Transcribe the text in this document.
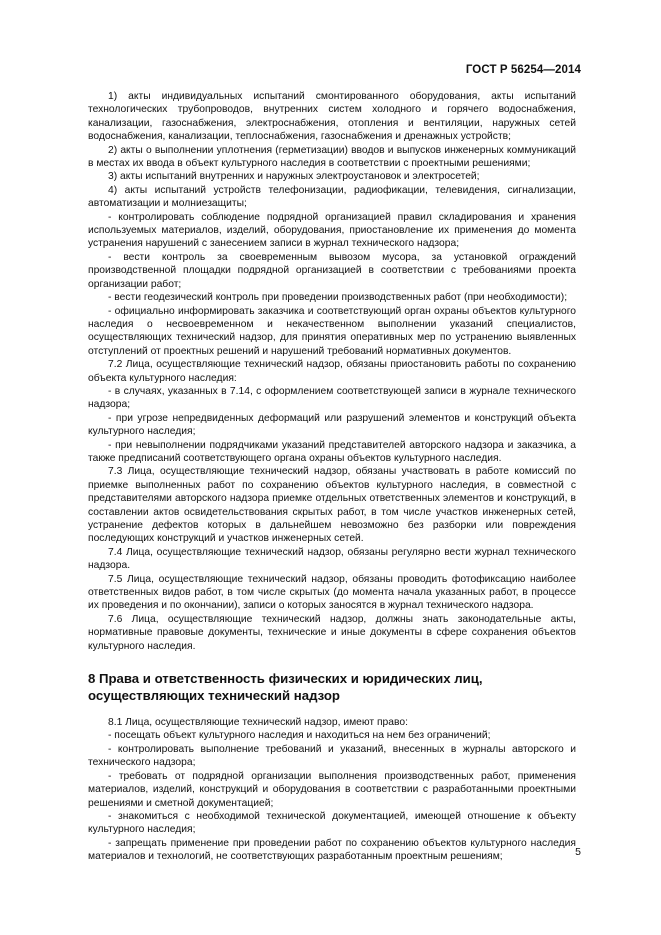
ГОСТ Р 56254—2014

1) акты индивидуальных испытаний смонтированного оборудования, акты испытаний технологических трубопроводов, внутренних систем холодного и горячего водоснабжения, канализации, газоснабжения, электроснабжения, отопления и вентиляции, наружных сетей водоснабжения, канализации, теплоснабжения, газоснабжения и дренажных устройств;

2) акты о выполнении уплотнения (герметизации) вводов и выпусков инженерных коммуникаций в местах их ввода в объект культурного наследия в соответствии с проектными решениями;

3) акты испытаний внутренних и наружных электроустановок и электросетей;

4) акты испытаний устройств телефонизации, радиофикации, телевидения, сигнализации, автоматизации и молниезащиты;

- контролировать соблюдение подрядной организацией правил складирования и хранения используемых материалов, изделий, оборудования, приостановление их применения до момента устранения нарушений с занесением записи в журнал технического надзора;

- вести контроль за своевременным вывозом мусора, за установкой ограждений производственной площадки подрядной организацией в соответствии с требованиями проекта организации работ;

- вести геодезический контроль при проведении производственных работ (при необходимости);

- официально информировать заказчика и соответствующий орган охраны объектов культурного наследия о несвоевременном и некачественном выполнении указаний специалистов, осуществляющих технический надзор, для принятия оперативных мер по устранению выявленных отступлений от проектных решений и нарушений требований нормативных документов.

7.2 Лица, осуществляющие технический надзор, обязаны приостановить работы по сохранению объекта культурного наследия:

- в случаях, указанных в 7.14, с оформлением соответствующей записи в журнале технического надзора;

- при угрозе непредвиденных деформаций или разрушений элементов и конструкций объекта культурного наследия;

- при невыполнении подрядчиками указаний представителей авторского надзора и заказчика, а также предписаний соответствующего органа охраны объектов культурного наследия.

7.3 Лица, осуществляющие технический надзор, обязаны участвовать в работе комиссий по приемке выполненных работ по сохранению объектов культурного наследия, в совместной с представителями авторского надзора приемке отдельных ответственных элементов и конструкций, в составлении актов освидетельствования скрытых работ, в том числе участков инженерных сетей, устранение дефектов которых в дальнейшем невозможно без разборки или повреждения последующих конструкций и участков инженерных сетей.

7.4 Лица, осуществляющие технический надзор, обязаны регулярно вести журнал технического надзора.

7.5 Лица, осуществляющие технический надзор, обязаны проводить фотофиксацию наиболее ответственных видов работ, в том числе скрытых (до момента начала указанных работ, в процессе их проведения и по окончании), записи о которых заносятся в журнал технического надзора.

7.6 Лица, осуществляющие технический надзор, должны знать законодательные акты, нормативные правовые документы, технические и иные документы в сфере сохранения объектов культурного наследия.

8 Права и ответственность физических и юридических лиц, осуществляющих технический надзор

8.1 Лица, осуществляющие технический надзор, имеют право:

- посещать объект культурного наследия и находиться на нем без ограничений;

- контролировать выполнение требований и указаний, внесенных в журналы авторского и технического надзора;

- требовать от подрядной организации выполнения производственных работ, применения материалов, изделий, конструкций и оборудования в соответствии с разработанными проектными решениями и сметной документацией;

- знакомиться с необходимой технической документацией, имеющей отношение к объекту культурного наследия;

- запрещать применение при проведении работ по сохранению объектов культурного наследия материалов и технологий, не соответствующих разработанным проектным решениям;	5
